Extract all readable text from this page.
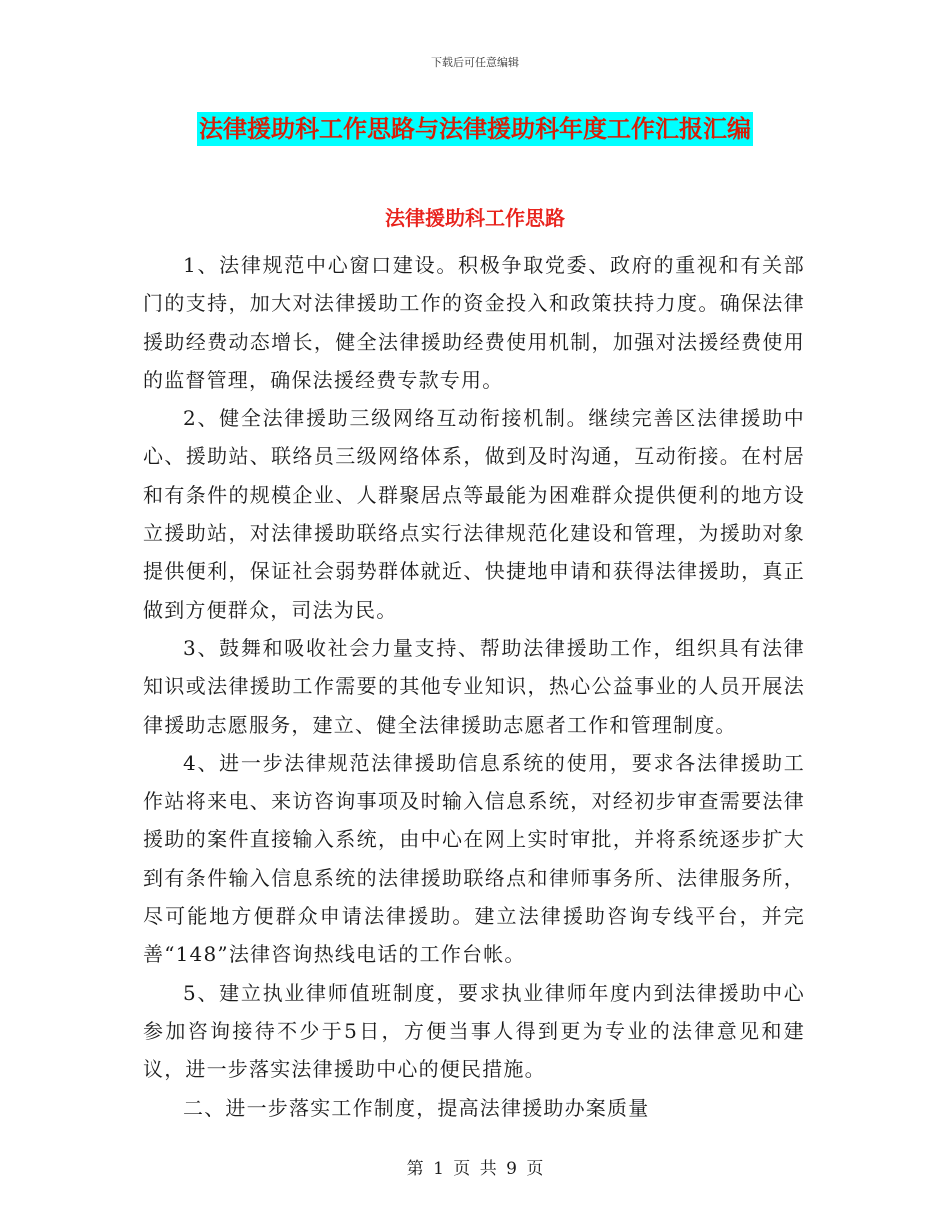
下载后可任意编辑
法律援助科工作思路与法律援助科年度工作汇报汇编
法律援助科工作思路

1、法律规范中心窗口建设。积极争取党委、政府的重视和有关部门的支持，加大对法律援助工作的资金投入和政策扶持力度。确保法律援助经费动态增长，健全法律援助经费使用机制，加强对法援经费使用的监督管理，确保法援经费专款专用。

2、健全法律援助三级网络互动衔接机制。继续完善区法律援助中心、援助站、联络员三级网络体系，做到及时沟通，互动衔接。在村居和有条件的规模企业、人群聚居点等最能为困难群众提供便利的地方设立援助站，对法律援助联络点实行法律规范化建设和管理，为援助对象提供便利，保证社会弱势群体就近、快捷地申请和获得法律援助，真正做到方便群众，司法为民。

3、鼓舞和吸收社会力量支持、帮助法律援助工作，组织具有法律知识或法律援助工作需要的其他专业知识，热心公益事业的人员开展法律援助志愿服务，建立、健全法律援助志愿者工作和管理制度。

4、进一步法律规范法律援助信息系统的使用，要求各法律援助工作站将来电、来访咨询事项及时输入信息系统，对经初步审查需要法律援助的案件直接输入系统，由中心在网上实时审批，并将系统逐步扩大到有条件输入信息系统的法律援助联络点和律师事务所、法律服务所，尽可能地方便群众申请法律援助。建立法律援助咨询专线平台，并完善“148”法律咨询热线电话的工作台帐。

5、建立执业律师值班制度，要求执业律师年度内到法律援助中心参加咨询接待不少于5日，方便当事人得到更为专业的法律意见和建议，进一步落实法律援助中心的便民措施。

二、进一步落实工作制度，提高法律援助办案质量

第 1 页 共 9 页
